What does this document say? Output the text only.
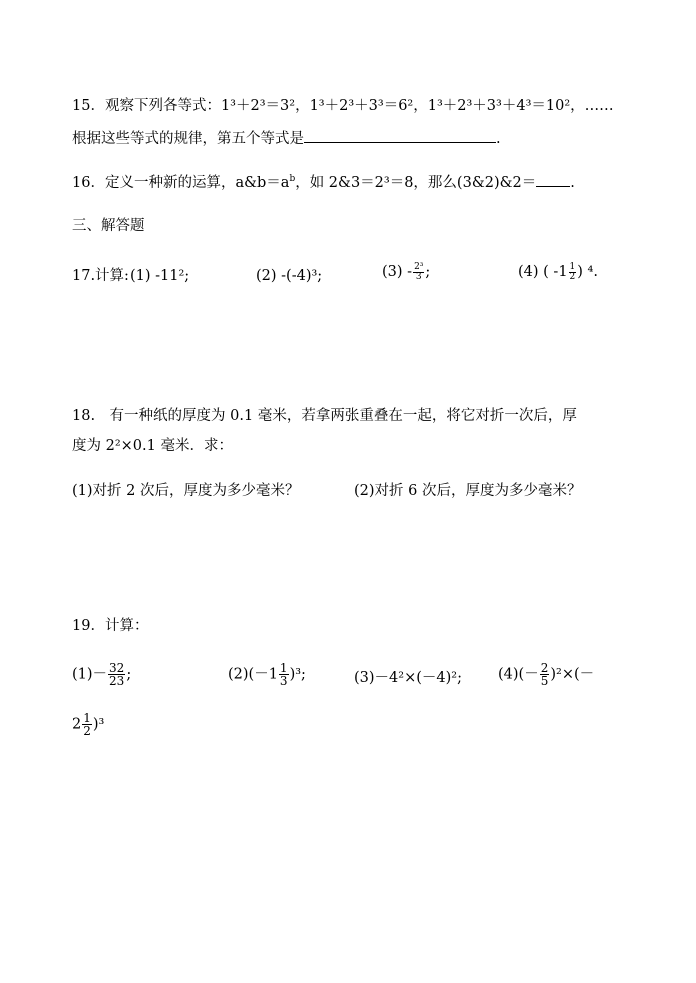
15．观察下列各等式：1³＋2³＝3²，1³＋2³＋3³＝6²，1³＋2³＋3³＋4³＝10²，……
根据这些等式的规律，第五个等式是	.
16．定义一种新的运算，$a\&b=a^b$，如 2&3＝2³＝8，那么(3&2)&2＝ .
三、解答题
17.计算: (1) -11²;	(2) -(-4)³;	$(3) - \frac{\text{2³}}{3}$ ;	(4) ( $-1 \frac{1}{2}$ ) ⁴.
18.　有一种纸的厚度为 0.1 毫米，若拿两张重叠在一起，将它对折一次后，厚
度为 2²×0.1 毫米．求：
(1)对折 2 次后，厚度为多少毫米？	(2)对折 6 次后，厚度为多少毫米？
19．计算：
$(1)- \frac{32}{23}$ ;	$(2)(-1 \frac{1}{3} )^3$;	(3)－4²×(－4)²; $(4)(- \frac{2}{5} )^2\times(-$
$2 \frac{1}{2} )^3$
